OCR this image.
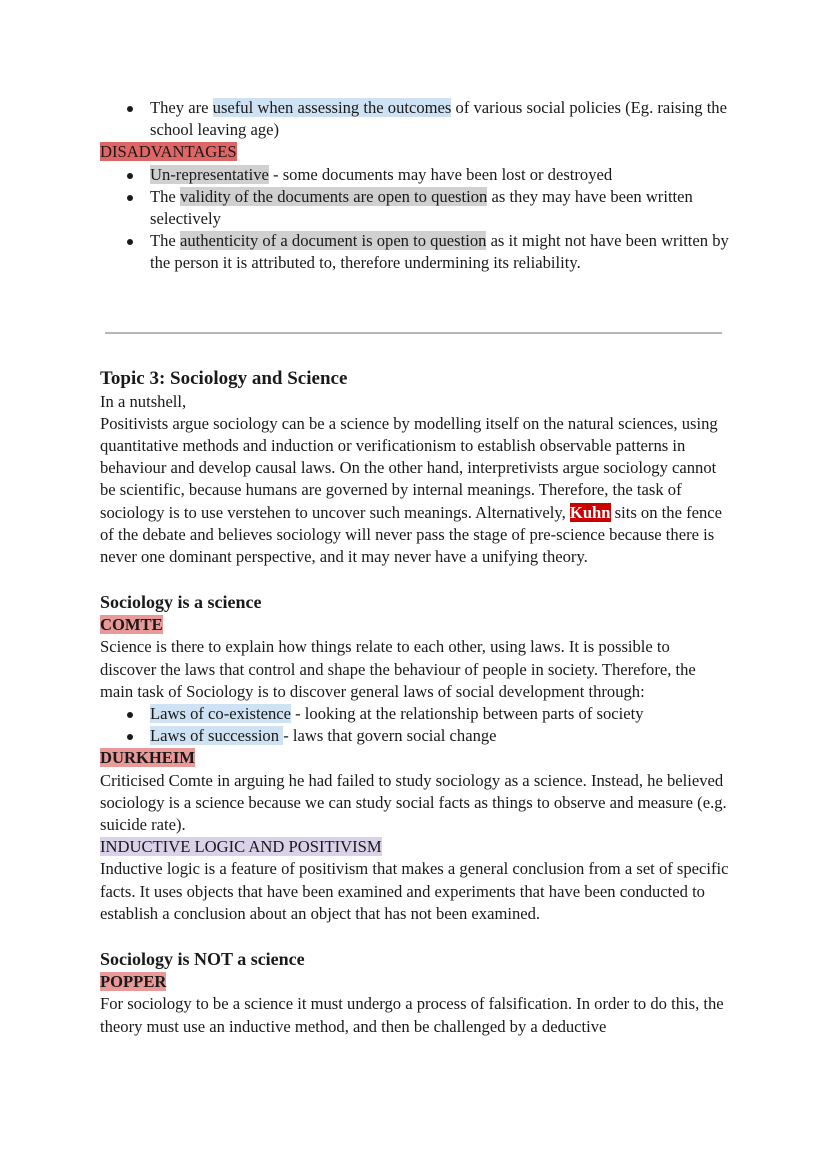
They are useful when assessing the outcomes of various social policies (Eg. raising the school leaving age)
DISADVANTAGES
Un-representative - some documents may have been lost or destroyed
The validity of the documents are open to question as they may have been written selectively
The authenticity of a document is open to question as it might not have been written by the person it is attributed to, therefore undermining its reliability.
Topic 3: Sociology and Science

In a nutshell,

Positivists argue sociology can be a science by modelling itself on the natural sciences, using quantitative methods and induction or verificationism to establish observable patterns in behaviour and develop causal laws. On the other hand, interpretivists argue sociology cannot be scientific, because humans are governed by internal meanings. Therefore, the task of sociology is to use verstehen to uncover such meanings. Alternatively, Kuhn sits on the fence of the debate and believes sociology will never pass the stage of pre-science because there is never one dominant perspective, and it may never have a unifying theory.

Sociology is a science
COMTE

Science is there to explain how things relate to each other, using laws. It is possible to discover the laws that control and shape the behaviour of people in society. Therefore, the main task of Sociology is to discover general laws of social development through:

Laws of co-existence - looking at the relationship between parts of society
Laws of succession - laws that govern social change
DURKHEIM

Criticised Comte in arguing he had failed to study sociology as a science. Instead, he believed sociology is a science because we can study social facts as things to observe and measure (e.g. suicide rate).

INDUCTIVE LOGIC AND POSITIVISM

Inductive logic is a feature of positivism that makes a general conclusion from a set of specific facts. It uses objects that have been examined and experiments that have been conducted to establish a conclusion about an object that has not been examined.

Sociology is NOT a science
POPPER

For sociology to be a science it must undergo a process of falsification. In order to do this, the theory must use an inductive method, and then be challenged by a deductive
